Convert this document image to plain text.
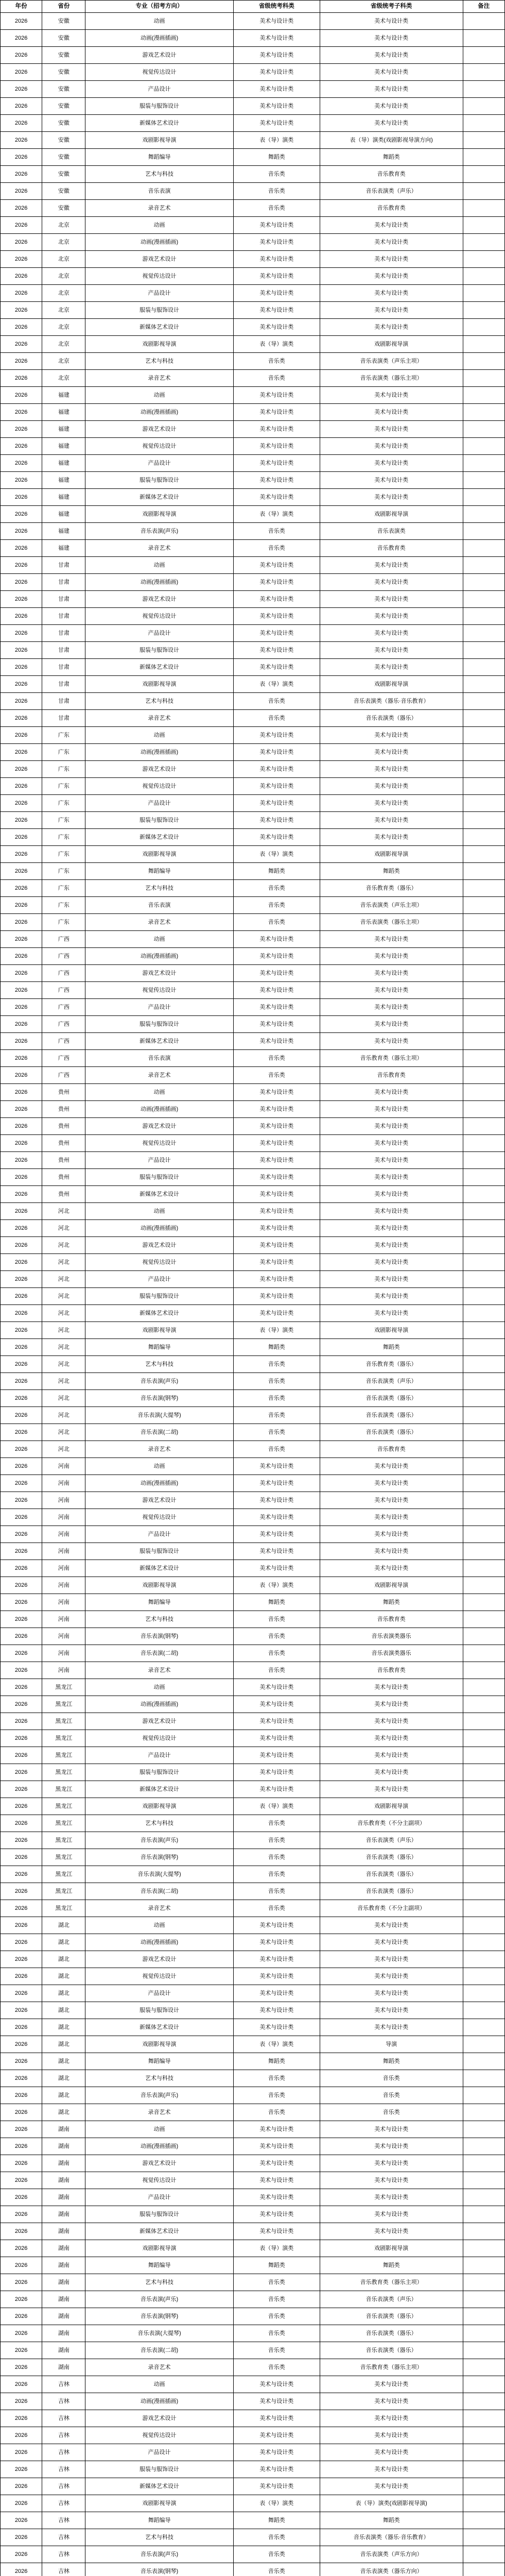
年份	省份	专业（招考方向）	省级统考科类	省级统考子科类	备注
2026	安徽	动画	美术与设计类	美术与设计类	
2026	安徽	动画(漫画插画)	美术与设计类	美术与设计类	
2026	安徽	游戏艺术设计	美术与设计类	美术与设计类	
2026	安徽	视觉传达设计	美术与设计类	美术与设计类	
2026	安徽	产品设计	美术与设计类	美术与设计类	
2026	安徽	服装与服饰设计	美术与设计类	美术与设计类	
2026	安徽	新媒体艺术设计	美术与设计类	美术与设计类	
2026	安徽	戏剧影视导演	表（导）演类	表（导）演类(戏剧影视导演方向)	
2026	安徽	舞蹈编导	舞蹈类	舞蹈类	
2026	安徽	艺术与科技	音乐类	音乐教育类	
2026	安徽	音乐表演	音乐类	音乐表演类（声乐）	
2026	安徽	录音艺术	音乐类	音乐教育类	
2026	北京	动画	美术与设计类	美术与设计类	
2026	北京	动画(漫画插画)	美术与设计类	美术与设计类	
2026	北京	游戏艺术设计	美术与设计类	美术与设计类	
2026	北京	视觉传达设计	美术与设计类	美术与设计类	
2026	北京	产品设计	美术与设计类	美术与设计类	
2026	北京	服装与服饰设计	美术与设计类	美术与设计类	
2026	北京	新媒体艺术设计	美术与设计类	美术与设计类	
2026	北京	戏剧影视导演	表（导）演类	戏剧影视导演	
2026	北京	艺术与科技	音乐类	音乐表演类（声乐主项）	
2026	北京	录音艺术	音乐类	音乐表演类（器乐主项）	
2026	福建	动画	美术与设计类	美术与设计类	
2026	福建	动画(漫画插画)	美术与设计类	美术与设计类	
2026	福建	游戏艺术设计	美术与设计类	美术与设计类	
2026	福建	视觉传达设计	美术与设计类	美术与设计类	
2026	福建	产品设计	美术与设计类	美术与设计类	
2026	福建	服装与服饰设计	美术与设计类	美术与设计类	
2026	福建	新媒体艺术设计	美术与设计类	美术与设计类	
2026	福建	戏剧影视导演	表（导）演类	戏剧影视导演	
2026	福建	音乐表演(声乐)	音乐类	音乐表演类	
2026	福建	录音艺术	音乐类	音乐教育类	
2026	甘肃	动画	美术与设计类	美术与设计类	
2026	甘肃	动画(漫画插画)	美术与设计类	美术与设计类	
2026	甘肃	游戏艺术设计	美术与设计类	美术与设计类	
2026	甘肃	视觉传达设计	美术与设计类	美术与设计类	
2026	甘肃	产品设计	美术与设计类	美术与设计类	
2026	甘肃	服装与服饰设计	美术与设计类	美术与设计类	
2026	甘肃	新媒体艺术设计	美术与设计类	美术与设计类	
2026	甘肃	戏剧影视导演	表（导）演类	戏剧影视导演	
2026	甘肃	艺术与科技	音乐类	音乐表演类（器乐·音乐教育）	
2026	甘肃	录音艺术	音乐类	音乐表演类（器乐）	
2026	广东	动画	美术与设计类	美术与设计类	
2026	广东	动画(漫画插画)	美术与设计类	美术与设计类	
2026	广东	游戏艺术设计	美术与设计类	美术与设计类	
2026	广东	视觉传达设计	美术与设计类	美术与设计类	
2026	广东	产品设计	美术与设计类	美术与设计类	
2026	广东	服装与服饰设计	美术与设计类	美术与设计类	
2026	广东	新媒体艺术设计	美术与设计类	美术与设计类	
2026	广东	戏剧影视导演	表（导）演类	戏剧影视导演	
2026	广东	舞蹈编导	舞蹈类	舞蹈类	
2026	广东	艺术与科技	音乐类	音乐教育类（器乐）	
2026	广东	音乐表演	音乐类	音乐表演类（声乐主项）	
2026	广东	录音艺术	音乐类	音乐表演类（器乐主项）	
2026	广西	动画	美术与设计类	美术与设计类	
2026	广西	动画(漫画插画)	美术与设计类	美术与设计类	
2026	广西	游戏艺术设计	美术与设计类	美术与设计类	
2026	广西	视觉传达设计	美术与设计类	美术与设计类	
2026	广西	产品设计	美术与设计类	美术与设计类	
2026	广西	服装与服饰设计	美术与设计类	美术与设计类	
2026	广西	新媒体艺术设计	美术与设计类	美术与设计类	
2026	广西	音乐表演	音乐类	音乐教育类（器乐主项）	
2026	广西	录音艺术	音乐类	音乐教育类	
2026	贵州	动画	美术与设计类	美术与设计类	
2026	贵州	动画(漫画插画)	美术与设计类	美术与设计类	
2026	贵州	游戏艺术设计	美术与设计类	美术与设计类	
2026	贵州	视觉传达设计	美术与设计类	美术与设计类	
2026	贵州	产品设计	美术与设计类	美术与设计类	
2026	贵州	服装与服饰设计	美术与设计类	美术与设计类	
2026	贵州	新媒体艺术设计	美术与设计类	美术与设计类	
2026	河北	动画	美术与设计类	美术与设计类	
2026	河北	动画(漫画插画)	美术与设计类	美术与设计类	
2026	河北	游戏艺术设计	美术与设计类	美术与设计类	
2026	河北	视觉传达设计	美术与设计类	美术与设计类	
2026	河北	产品设计	美术与设计类	美术与设计类	
2026	河北	服装与服饰设计	美术与设计类	美术与设计类	
2026	河北	新媒体艺术设计	美术与设计类	美术与设计类	
2026	河北	戏剧影视导演	表（导）演类	戏剧影视导演	
2026	河北	舞蹈编导	舞蹈类	舞蹈类	
2026	河北	艺术与科技	音乐类	音乐教育类（器乐）	
2026	河北	音乐表演(声乐)	音乐类	音乐表演类（声乐）	
2026	河北	音乐表演(钢琴)	音乐类	音乐表演类（器乐）	
2026	河北	音乐表演(大提琴)	音乐类	音乐表演类（器乐）	
2026	河北	音乐表演(二胡)	音乐类	音乐表演类（器乐）	
2026	河北	录音艺术	音乐类	音乐教育类	
2026	河南	动画	美术与设计类	美术与设计类	
2026	河南	动画(漫画插画)	美术与设计类	美术与设计类	
2026	河南	游戏艺术设计	美术与设计类	美术与设计类	
2026	河南	视觉传达设计	美术与设计类	美术与设计类	
2026	河南	产品设计	美术与设计类	美术与设计类	
2026	河南	服装与服饰设计	美术与设计类	美术与设计类	
2026	河南	新媒体艺术设计	美术与设计类	美术与设计类	
2026	河南	戏剧影视导演	表（导）演类	戏剧影视导演	
2026	河南	舞蹈编导	舞蹈类	舞蹈类	
2026	河南	艺术与科技	音乐类	音乐教育类	
2026	河南	音乐表演(钢琴)	音乐类	音乐表演类器乐	
2026	河南	音乐表演(二胡)	音乐类	音乐表演类器乐	
2026	河南	录音艺术	音乐类	音乐教育类	
2026	黑龙江	动画	美术与设计类	美术与设计类	
2026	黑龙江	动画(漫画插画)	美术与设计类	美术与设计类	
2026	黑龙江	游戏艺术设计	美术与设计类	美术与设计类	
2026	黑龙江	视觉传达设计	美术与设计类	美术与设计类	
2026	黑龙江	产品设计	美术与设计类	美术与设计类	
2026	黑龙江	服装与服饰设计	美术与设计类	美术与设计类	
2026	黑龙江	新媒体艺术设计	美术与设计类	美术与设计类	
2026	黑龙江	戏剧影视导演	表（导）演类	戏剧影视导演	
2026	黑龙江	艺术与科技	音乐类	音乐教育类（不分主副项）	
2026	黑龙江	音乐表演(声乐)	音乐类	音乐表演类（声乐）	
2026	黑龙江	音乐表演(钢琴)	音乐类	音乐表演类（器乐）	
2026	黑龙江	音乐表演(大提琴)	音乐类	音乐表演类（器乐）	
2026	黑龙江	音乐表演(二胡)	音乐类	音乐表演类（器乐）	
2026	黑龙江	录音艺术	音乐类	音乐教育类（不分主副项）	
2026	湖北	动画	美术与设计类	美术与设计类	
2026	湖北	动画(漫画插画)	美术与设计类	美术与设计类	
2026	湖北	游戏艺术设计	美术与设计类	美术与设计类	
2026	湖北	视觉传达设计	美术与设计类	美术与设计类	
2026	湖北	产品设计	美术与设计类	美术与设计类	
2026	湖北	服装与服饰设计	美术与设计类	美术与设计类	
2026	湖北	新媒体艺术设计	美术与设计类	美术与设计类	
2026	湖北	戏剧影视导演	表（导）演类	导演	
2026	湖北	舞蹈编导	舞蹈类	舞蹈类	
2026	湖北	艺术与科技	音乐类	音乐类	
2026	湖北	音乐表演(声乐)	音乐类	音乐类	
2026	湖北	录音艺术	音乐类	音乐类	
2026	湖南	动画	美术与设计类	美术与设计类	
2026	湖南	动画(漫画插画)	美术与设计类	美术与设计类	
2026	湖南	游戏艺术设计	美术与设计类	美术与设计类	
2026	湖南	视觉传达设计	美术与设计类	美术与设计类	
2026	湖南	产品设计	美术与设计类	美术与设计类	
2026	湖南	服装与服饰设计	美术与设计类	美术与设计类	
2026	湖南	新媒体艺术设计	美术与设计类	美术与设计类	
2026	湖南	戏剧影视导演	表（导）演类	戏剧影视导演	
2026	湖南	舞蹈编导	舞蹈类	舞蹈类	
2026	湖南	艺术与科技	音乐类	音乐教育类（器乐主项）	
2026	湖南	音乐表演(声乐)	音乐类	音乐表演类（声乐）	
2026	湖南	音乐表演(钢琴)	音乐类	音乐表演类（器乐）	
2026	湖南	音乐表演(大提琴)	音乐类	音乐表演类（器乐）	
2026	湖南	音乐表演(二胡)	音乐类	音乐表演类（器乐）	
2026	湖南	录音艺术	音乐类	音乐教育类（器乐主项）	
2026	吉林	动画	美术与设计类	美术与设计类	
2026	吉林	动画(漫画插画)	美术与设计类	美术与设计类	
2026	吉林	游戏艺术设计	美术与设计类	美术与设计类	
2026	吉林	视觉传达设计	美术与设计类	美术与设计类	
2026	吉林	产品设计	美术与设计类	美术与设计类	
2026	吉林	服装与服饰设计	美术与设计类	美术与设计类	
2026	吉林	新媒体艺术设计	美术与设计类	美术与设计类	
2026	吉林	戏剧影视导演	表（导）演类	表（导）演类(戏剧影视导演)	
2026	吉林	舞蹈编导	舞蹈类	舞蹈类	
2026	吉林	艺术与科技	音乐类	音乐表演类（器乐·音乐教育）	
2026	吉林	音乐表演(声乐)	音乐类	音乐表演类（声乐方向）	
2026	吉林	音乐表演(钢琴)	音乐类	音乐表演类（器乐方向）	
